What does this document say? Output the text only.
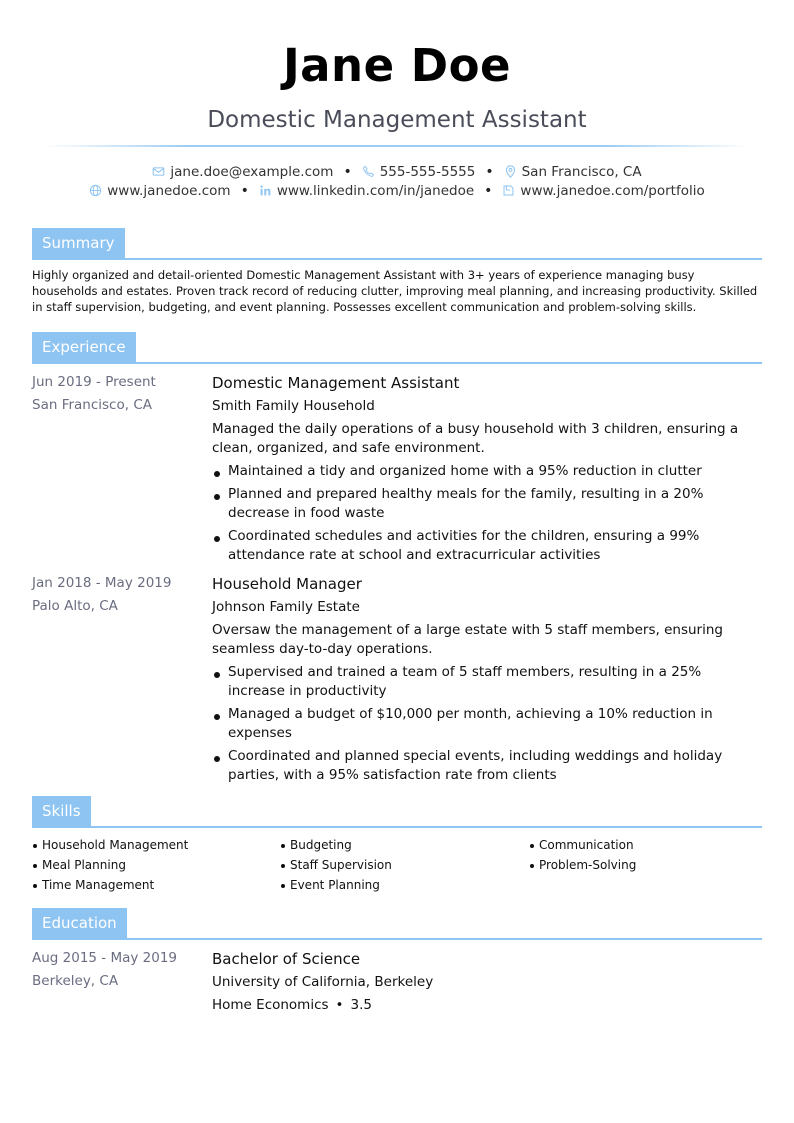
Jane Doe
Domestic Management Assistant
jane.doe@example.com • 555-555-5555 • San Francisco, CA
www.janedoe.com • www.linkedin.com/in/janedoe • www.janedoe.com/portfolio
Summary

Highly organized and detail-oriented Domestic Management Assistant with 3+ years of experience managing busy households and estates. Proven track record of reducing clutter, improving meal planning, and increasing productivity. Skilled in staff supervision, budgeting, and event planning. Possesses excellent communication and problem-solving skills.

Experience
Jun 2019 - Present
San Francisco, CA
Domestic Management Assistant
Smith Family Household

Managed the daily operations of a busy household with 3 children, ensuring a clean, organized, and safe environment.

Maintained a tidy and organized home with a 95% reduction in clutter
Planned and prepared healthy meals for the family, resulting in a 20% decrease in food waste
Coordinated schedules and activities for the children, ensuring a 99% attendance rate at school and extracurricular activities
Jan 2018 - May 2019
Palo Alto, CA
Household Manager
Johnson Family Estate

Oversaw the management of a large estate with 5 staff members, ensuring seamless day-to-day operations.

Supervised and trained a team of 5 staff members, resulting in a 25% increase in productivity
Managed a budget of $10,000 per month, achieving a 10% reduction in expenses
Coordinated and planned special events, including weddings and holiday parties, with a 95% satisfaction rate from clients
Skills
Household Management	Budgeting	Communication
Meal Planning	Staff Supervision	Problem-Solving
Time Management	Event Planning
Education
Aug 2015 - May 2019
Berkeley, CA
Bachelor of Science
University of California, Berkeley
Home Economics • 3.5
